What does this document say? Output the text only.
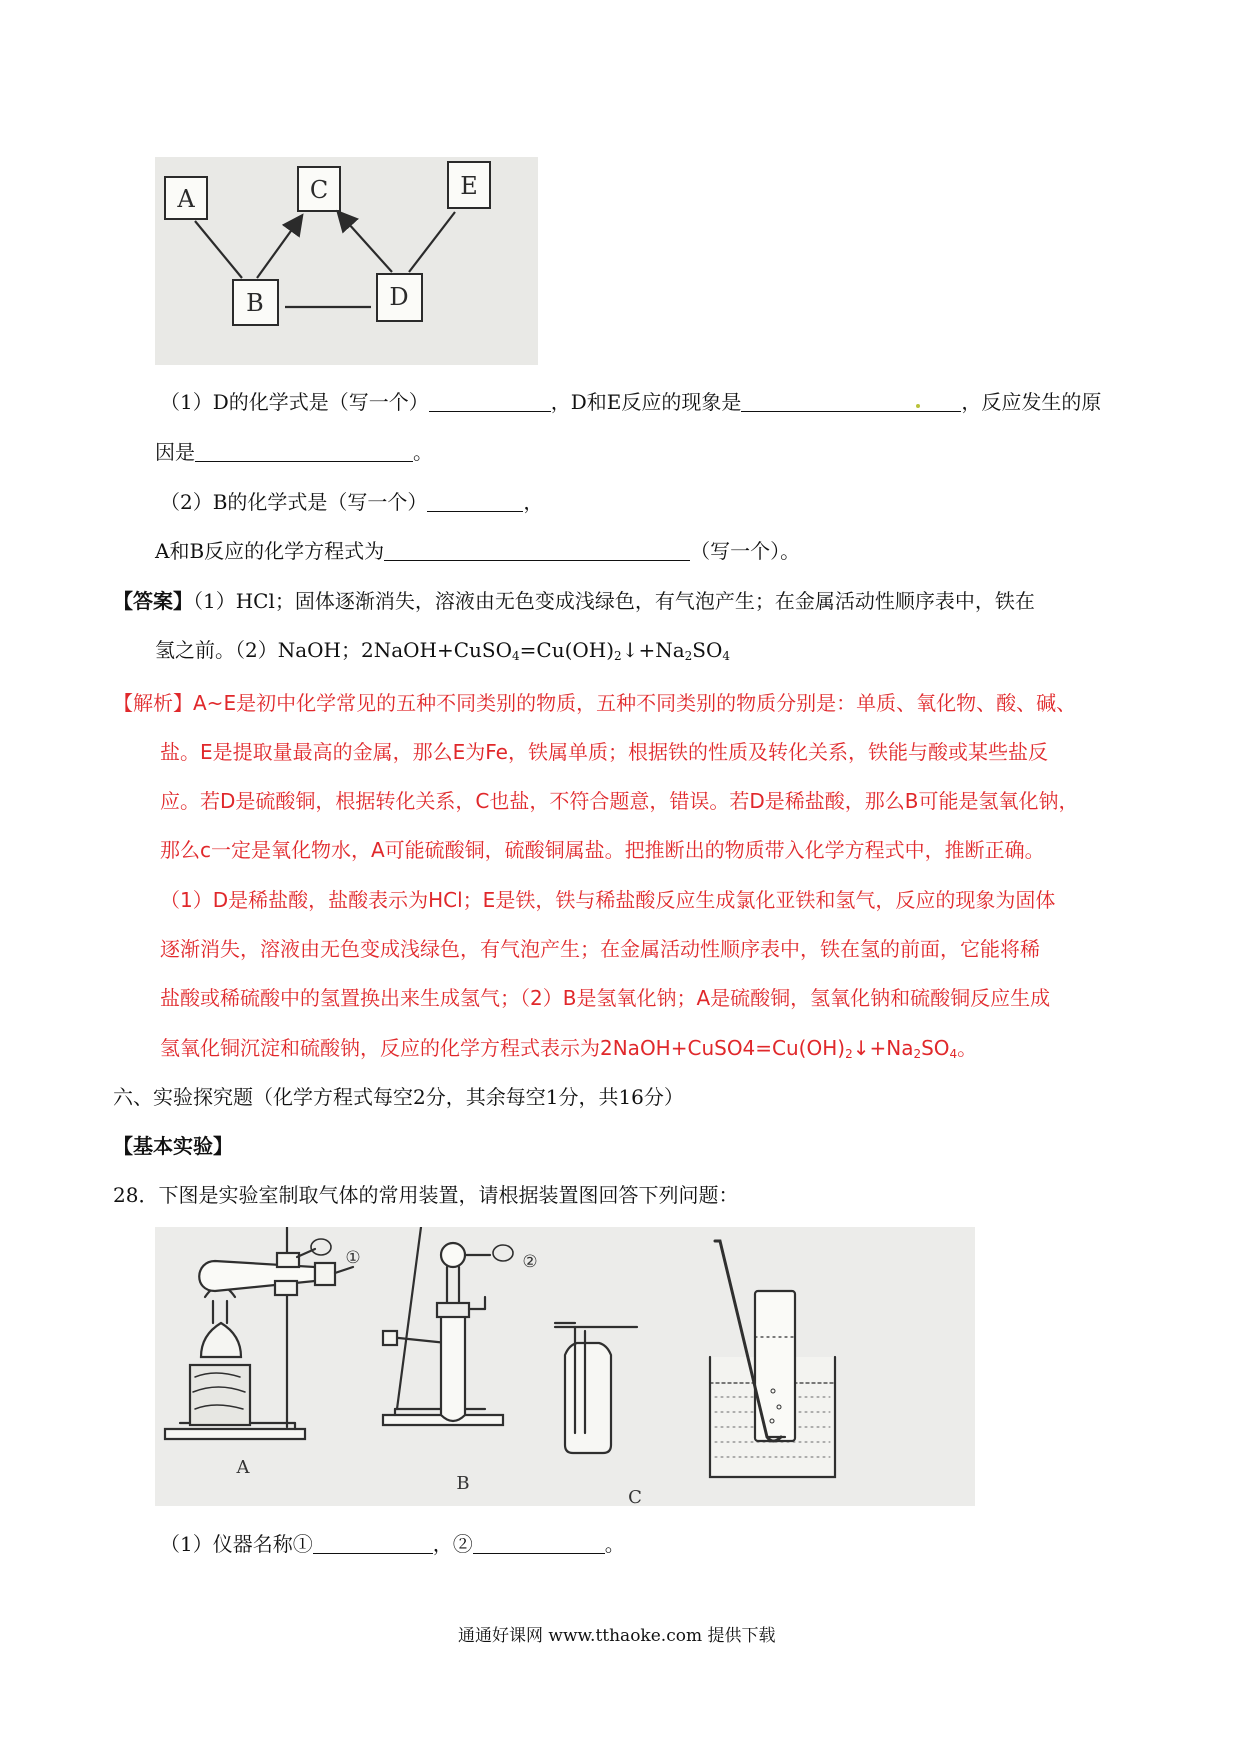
A	C	E
B	D
（1）D的化学式是（写一个）	，D和E反应的现象是	，反应发生的原
因是	。
（2）B的化学式是（写一个）	，
A和B反应的化学方程式为	（写一个）。
【答案】（1）HCl；固体逐渐消失，溶液由无色变成浅绿色，有气泡产生；在金属活动性顺序表中，铁在
氢之前。（2）NaOH；$2NaOH+CuSO_4=Cu(OH)_2↓+Na_2SO_4$
【解析】A~E是初中化学常见的五种不同类别的物质，五种不同类别的物质分别是：单质、氧化物、酸、碱、
盐。E是提取量最高的金属，那么E为Fe，铁属单质；根据铁的性质及转化关系，铁能与酸或某些盐反
应。若D是硫酸铜，根据转化关系，C也盐，不符合题意，错误。若D是稀盐酸，那么B可能是氢氧化钠，
那么c一定是氧化物水，A可能硫酸铜，硫酸铜属盐。把推断出的物质带入化学方程式中，推断正确。
（1）D是稀盐酸，盐酸表示为HCl；E是铁，铁与稀盐酸反应生成氯化亚铁和氢气，反应的现象为固体
逐渐消失，溶液由无色变成浅绿色，有气泡产生；在金属活动性顺序表中，铁在氢的前面，它能将稀
盐酸或稀硫酸中的氢置换出来生成氢气；（2）B是氢氧化钠；A是硫酸铜，氢氧化钠和硫酸铜反应生成
氢氧化铜沉淀和硫酸钠，反应的化学方程式表示为$2NaOH+CuSO4=Cu(OH)_2↓+Na_2SO_4$。
六、实验探究题（化学方程式每空2分，其余每空1分，共16分）
【基本实验】
28．下图是实验室制取气体的常用装置，请根据装置图回答下列问题：
A
B
C
①	②
（1）仪器名称①	，②	。
通通好课网 www.tthaoke.com 提供下载
